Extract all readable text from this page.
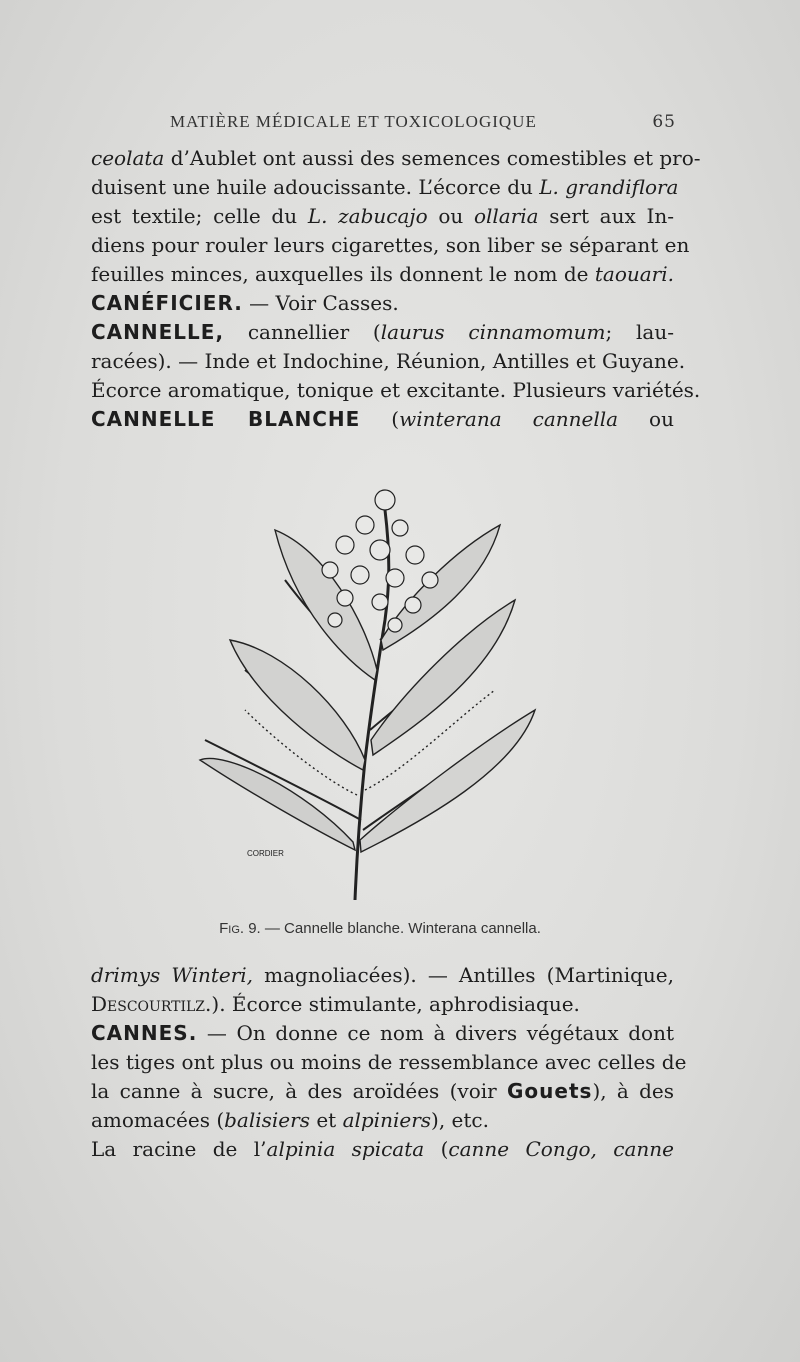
MATIÈRE MÉDICALE ET TOXICOLOGIQUE	65
ceolata d’Aublet ont aussi des semences comestibles et pro-
duisent une huile adoucissante. L’écorce du L. grandiflora
est textile; celle du L. zabucajo ou ollaria sert aux In-
diens pour rouler leurs cigarettes, son liber se séparant en
feuilles minces, auxquelles ils donnent le nom de taouari.
CANÉFICIER. — Voir Casses.
CANNELLE, cannellier (laurus cinnamomum; lau-
racées). — Inde et Indochine, Réunion, Antilles et Guyane.
Écorce aromatique, tonique et excitante. Plusieurs variétés.
CANNELLE BLANCHE (winterana cannella ou
CORDIER
Fig. 9. — Cannelle blanche. Winterana cannella.
drimys Winteri, magnoliacées). — Antilles (Martinique,
Descourtilz.). Écorce stimulante, aphrodisiaque.
CANNES. — On donne ce nom à divers végétaux dont
les tiges ont plus ou moins de ressemblance avec celles de
la canne à sucre, à des aroïdées (voir Gouets), à des
amomacées (balisiers et alpiniers), etc.
La racine de l’alpinia spicata (canne Congo, canne
